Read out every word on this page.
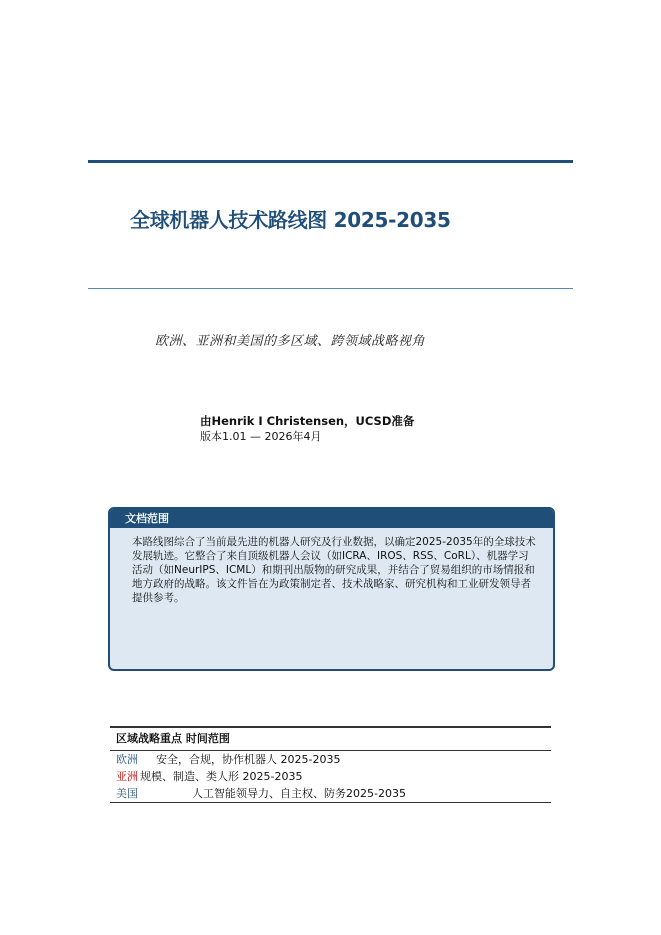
全球机器人技术路线图 2025-2035
欧洲、亚洲和美国的多区域、跨领域战略视角
由Henrik I Christensen，UCSD准备
版本1.01 — 2026年4月
文档范围
本路线图综合了当前最先进的机器人研究及行业数据，以确定2025-2035年的全球技术发展轨迹。它整合了来自顶级机器人会议（如ICRA、IROS、RSS、CoRL）、机器学习活动（如NeurIPS、ICML）和期刊出版物的研究成果，并结合了贸易组织的市场情报和地方政府的战略。该文件旨在为政策制定者、技术战略家、研究机构和工业研发领导者提供参考。
区域战略重点 时间范围
欧洲 安全，合规，协作机器人 2025-2035
亚洲 规模、制造、类人形 2025-2035
美国	人工智能领导力、自主权、防务2025-2035
